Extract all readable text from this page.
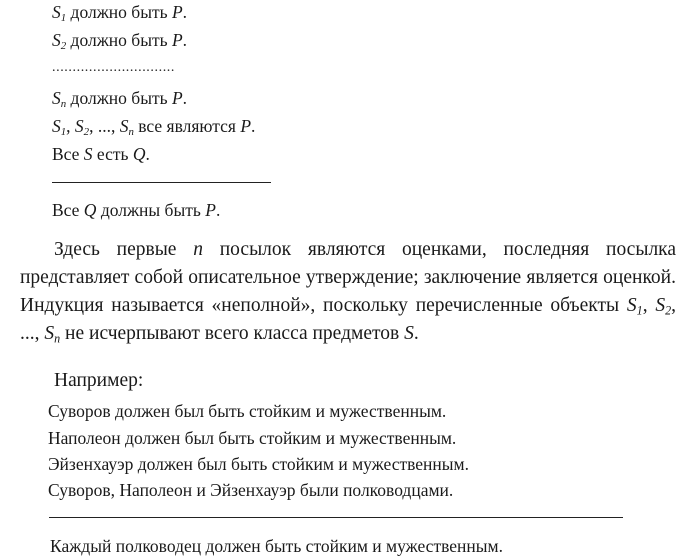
$S_1$ должно быть P.
$S_2$ должно быть P.
..............................
$S_n$ должно быть P.
$S_1$, $S_2$, ..., $S_n$ все являются P.
Все S есть Q.
Все Q должны быть P.
Здесь первые n посылок являются оценками, последняя посылка представляет собой описательное утверждение; заключение является оценкой. Индукция называется «неполной», поскольку перечисленные объекты $S_1$, $S_2$, ..., $S_n$ не исчерпывают всего класса предметов S.
Например:
Суворов должен был быть стойким и мужественным.
Наполеон должен был быть стойким и мужественным.
Эйзенхауэр должен был быть стойким и мужественным.
Суворов, Наполеон и Эйзенхауэр были полководцами.
Каждый полководец должен быть стойким и мужественным.
